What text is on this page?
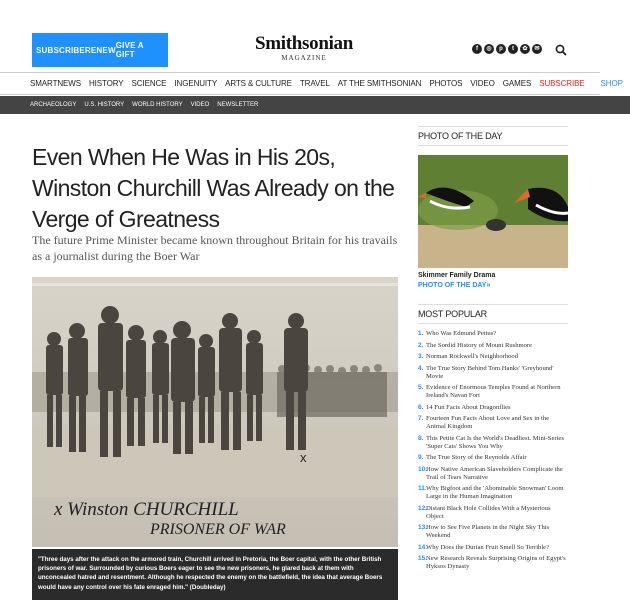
SUBSCRIBE RENEW GIVE A GIFT
Smithsonian
MAGAZINE
f	◎	p	t	✿	✉
SMARTNEWS HISTORY SCIENCE INGENUITY ARTS & CULTURE TRAVEL AT THE SMITHSONIAN PHOTOS VIDEO GAMES SUBSCRIBE SHOP
ARCHAEOLOGY U.S. HISTORY WORLD HISTORY VIDEO NEWSLETTER
Even When He Was in His 20s, Winston Churchill Was Already on the Verge of Greatness
The future Prime Minister became known throughout Britain for his travails as a journalist during the Boer War
x
x Winston CHURCHILL
PRISONER OF WAR
"Three days after the attack on the armored train, Churchill arrived in Pretoria, the Boer capital, with the other British prisoners of war. Surrounded by curious Boers eager to see the new prisoners, he glared back at them with unconcealed hatred and resentment. Although he respected the enemy on the battlefield, the idea that average Boers would have any control over his fate enraged him." (Doubleday)
PHOTO OF THE DAY
Skimmer Family Drama
PHOTO OF THE DAY»
MOST POPULAR
1. Who Was Edmund Pettus?
2. The Sordid History of Mount Rushmore
3. Norman Rockwell's Neighborhood
4. The True Story Behind Tom Hanks' 'Greyhound' Movie
5. Evidence of Enormous Temples Found at Northern Ireland's Navan Fort
6. 14 Fun Facts About Dragonflies
7. Fourteen Fun Facts About Love and Sex in the Animal Kingdom
8. This Petite Cat Is the World's Deadliest. Mini-Series 'Super Cats' Shows You Why
9. The True Story of the Reynolds Affair
10.
How Native American Slaveholders Complicate the Trail of Tears Narrative
11. Why Bigfoot and the 'Abominable Snowman' Loom Large in the Human Imagination
12.
Distant Black Hole Collides With a Mysterious Object
13.
How to See Five Planets in the Night Sky This Weekend
14.
Why Does the Durian Fruit Smell So Terrible?
15.
New Research Reveals Surprising Origins of Egypt's Hyksos Dynasty
